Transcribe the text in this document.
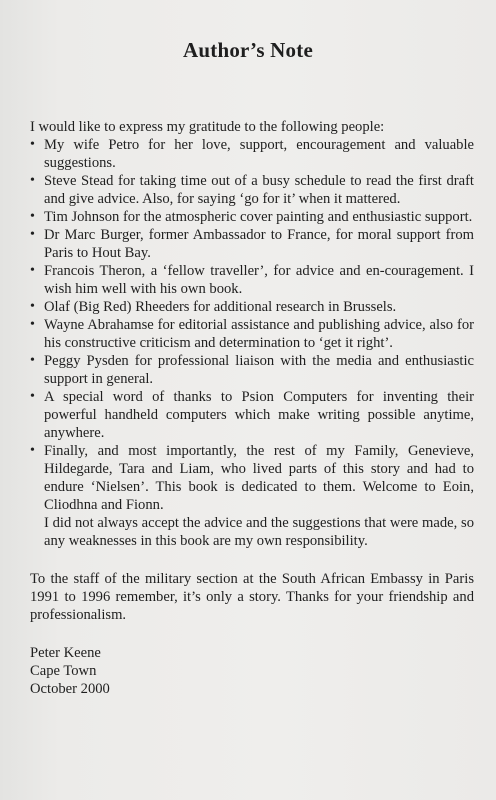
Author’s Note

I would like to express my gratitude to the following people:

• My wife Petro for her love, support, encouragement and valuable suggestions.
• Steve Stead for taking time out of a busy schedule to read the first draft and give advice. Also, for saying ‘go for it’ when it mattered.
• Tim Johnson for the atmospheric cover painting and enthusiastic support.
• Dr Marc Burger, former Ambassador to France, for moral support from Paris to Hout Bay.
• Francois Theron, a ‘fellow traveller’, for advice and en-couragement. I wish him well with his own book.
• Olaf (Big Red) Rheeders for additional research in Brussels.
• Wayne Abrahamse for editorial assistance and publishing advice, also for his constructive criticism and determination to ‘get it right’.
• Peggy Pysden for professional liaison with the media and enthusiastic support in general.
• A special word of thanks to Psion Computers for inventing their powerful handheld computers which make writing possible anytime, anywhere.
• Finally, and most importantly, the rest of my Family, Genevieve, Hildegarde, Tara and Liam, who lived parts of this story and had to endure ‘Nielsen’. This book is dedicated to them. Welcome to Eoin, Cliodhna and Fionn.

I did not always accept the advice and the suggestions that were made, so any weaknesses in this book are my own responsibility.

To the staff of the military section at the South African Embassy in Paris 1991 to 1996 remember, it’s only a story. Thanks for your friendship and professionalism.

Peter Keene
Cape Town
October 2000
